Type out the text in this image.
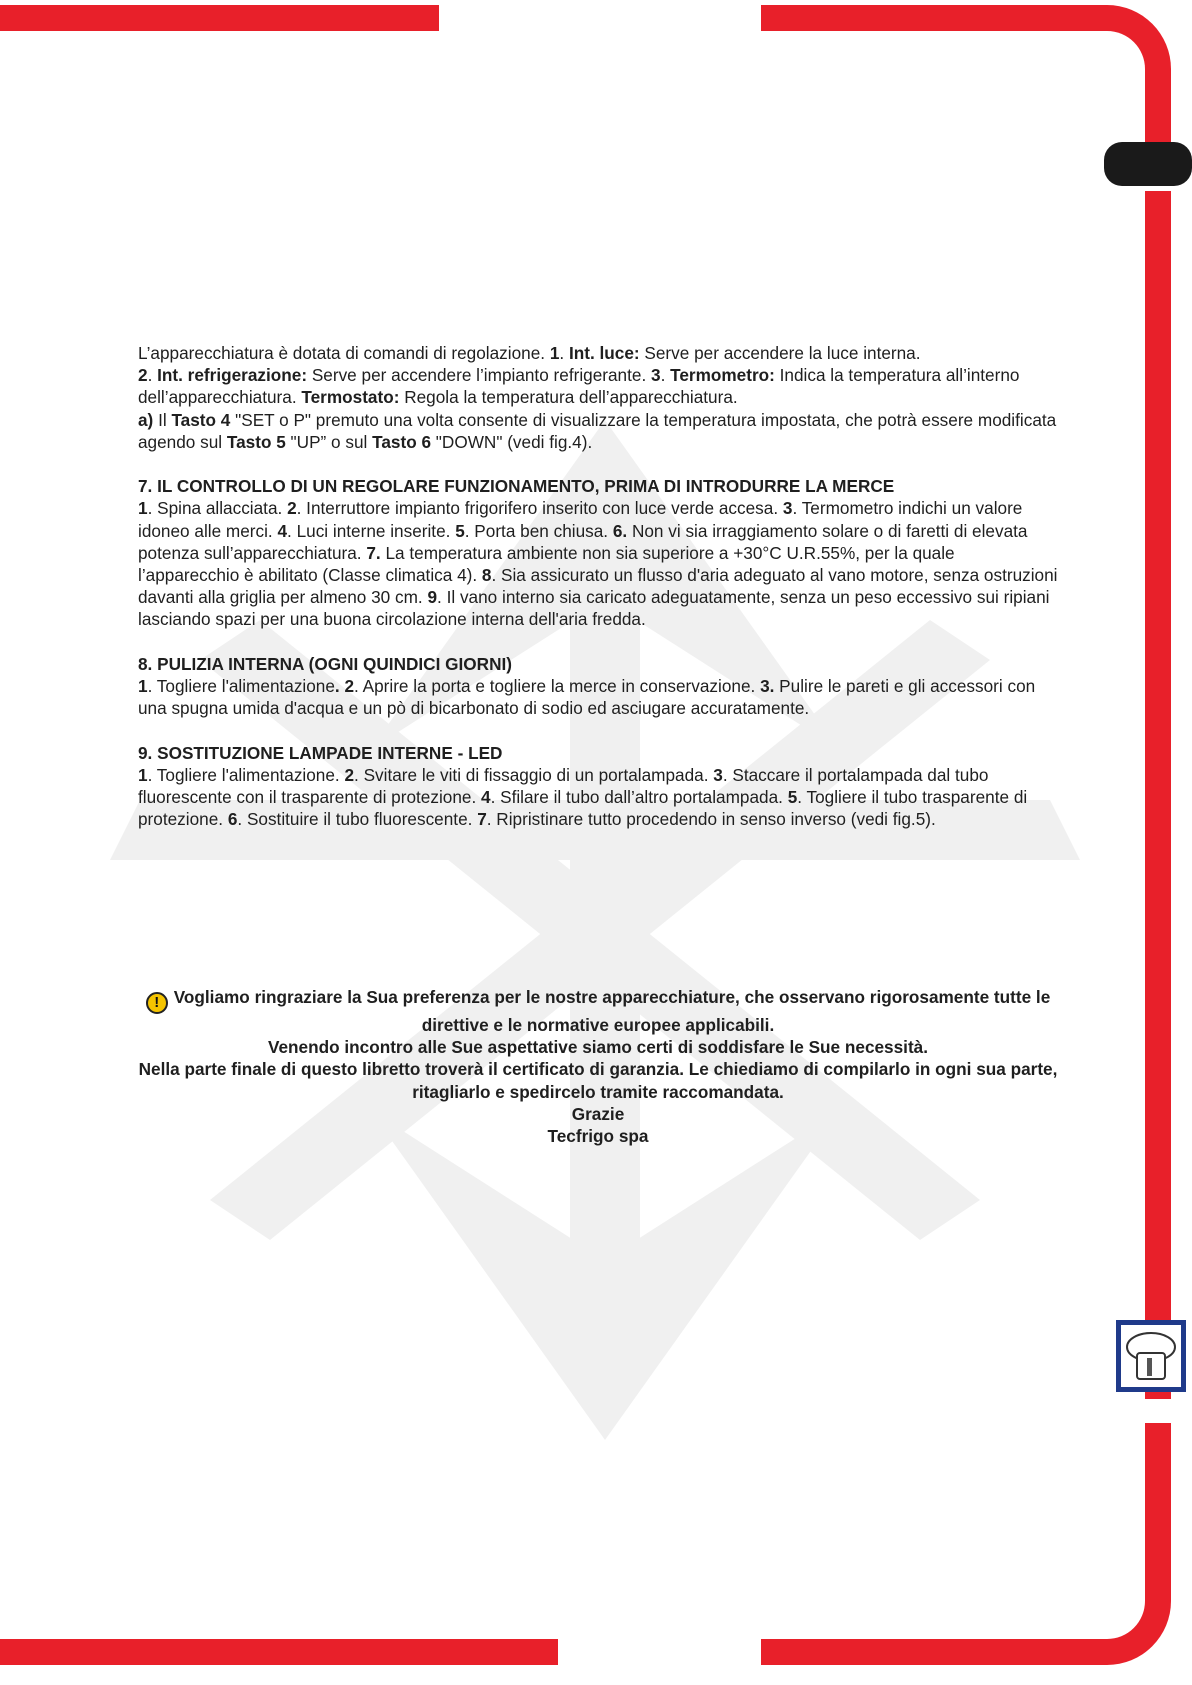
L’apparecchiatura è dotata di comandi di regolazione. 1. Int. luce: Serve per accendere la luce interna.
2. Int. refrigerazione: Serve per accendere l’impianto refrigerante. 3. Termometro: Indica la temperatura all’interno dell’apparecchiatura. Termostato: Regola la temperatura dell’apparecchiatura.
a) Il Tasto 4 "SET o P" premuto una volta consente di visualizzare la temperatura impostata, che potrà essere modificata agendo sul Tasto 5 "UP” o sul Tasto 6 "DOWN" (vedi fig.4).

7. IL CONTROLLO DI UN REGOLARE FUNZIONAMENTO, PRIMA DI INTRODURRE LA MERCE

1. Spina allacciata. 2. Interruttore impianto frigorifero inserito con luce verde accesa. 3. Termometro indichi un valore idoneo alle merci. 4. Luci interne inserite. 5. Porta ben chiusa. 6. Non vi sia irraggiamento solare o di faretti di elevata potenza sull’apparecchiatura. 7. La temperatura ambiente non sia superiore a +30°C U.R.55%, per la quale l’apparecchio è abilitato (Classe climatica 4). 8. Sia assicurato un flusso d'aria adeguato al vano motore, senza ostruzioni davanti alla griglia per almeno 30 cm. 9. Il vano interno sia caricato adeguatamente, senza un peso eccessivo sui ripiani lasciando spazi per una buona circolazione interna dell'aria fredda.

8. PULIZIA INTERNA (OGNI QUINDICI GIORNI)

1. Togliere l'alimentazione. 2. Aprire la porta e togliere la merce in conservazione. 3. Pulire le pareti e gli accessori con una spugna umida d'acqua e un pò di bicarbonato di sodio ed asciugare accuratamente.

9. SOSTITUZIONE LAMPADE INTERNE - LED

1. Togliere l'alimentazione. 2. Svitare le viti di fissaggio di un portalampada. 3. Staccare il portalampada dal tubo fluorescente con il trasparente di protezione. 4. Sfilare il tubo dall’altro portalampada. 5. Togliere il tubo trasparente di protezione. 6. Sostituire il tubo fluorescente. 7. Ripristinare tutto procedendo in senso inverso (vedi fig.5).

! Vogliamo ringraziare la Sua preferenza per le nostre apparecchiature, che osservano rigorosamente tutte le direttive e le normative europee applicabili.

Venendo incontro alle Sue aspettative siamo certi di soddisfare le Sue necessità.

Nella parte finale di questo libretto troverà il certificato di garanzia. Le chiediamo di compilarlo in ogni sua parte, ritagliarlo e spedircelo tramite raccomandata.

Grazie

Tecfrigo spa
